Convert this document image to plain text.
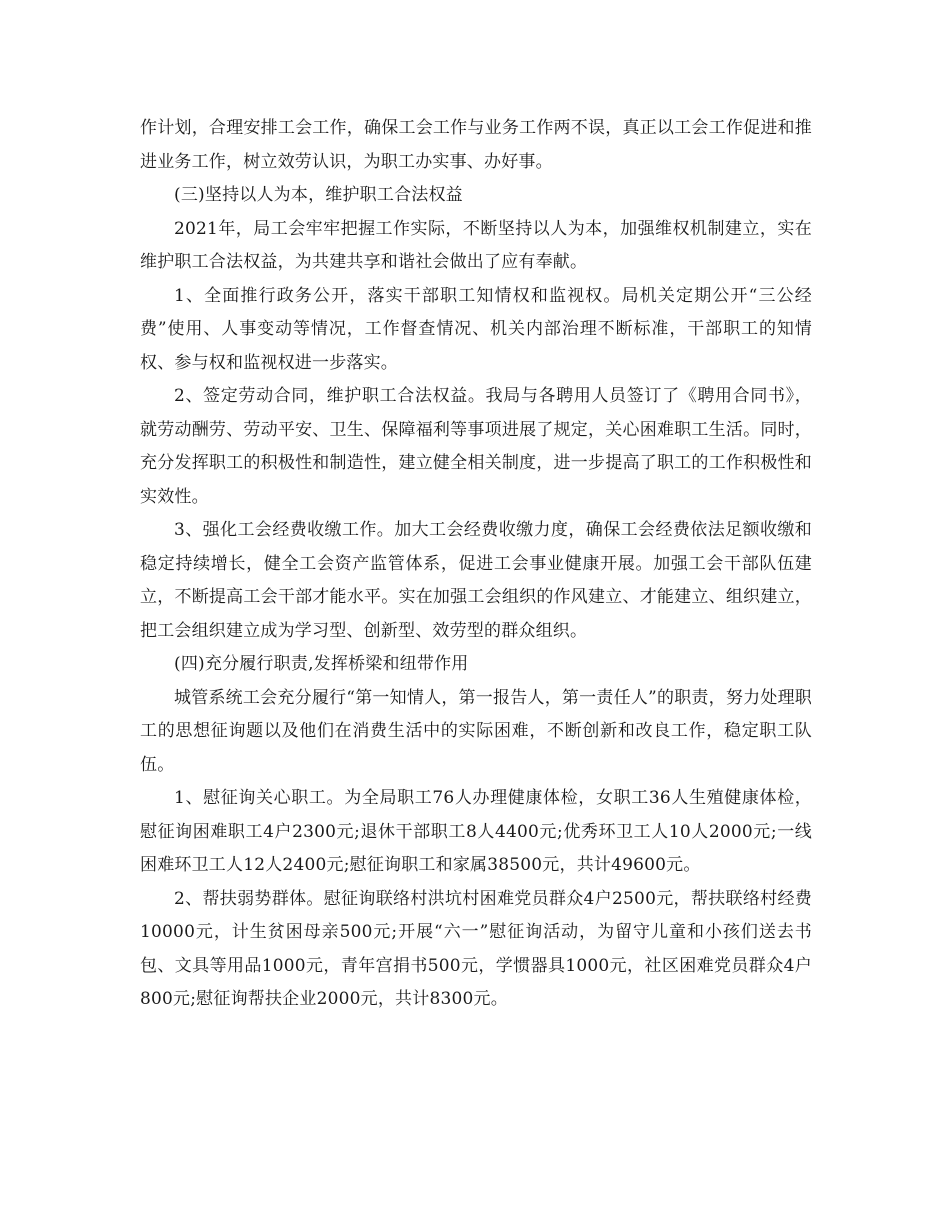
作计划，合理安排工会工作，确保工会工作与业务工作两不误，真正以工会工作促进和推进业务工作，树立效劳认识，为职工办实事、办好事。

(三)坚持以人为本，维护职工合法权益

2021年，局工会牢牢把握工作实际，不断坚持以人为本，加强维权机制建立，实在维护职工合法权益，为共建共享和谐社会做出了应有奉献。

1、全面推行政务公开，落实干部职工知情权和监视权。局机关定期公开“三公经费”使用、人事变动等情况，工作督查情况、机关内部治理不断标准，干部职工的知情权、参与权和监视权进一步落实。

2、签定劳动合同，维护职工合法权益。我局与各聘用人员签订了《聘用合同书》，就劳动酬劳、劳动平安、卫生、保障福利等事项进展了规定，关心困难职工生活。同时，充分发挥职工的积极性和制造性，建立健全相关制度，进一步提高了职工的工作积极性和实效性。

3、强化工会经费收缴工作。加大工会经费收缴力度，确保工会经费依法足额收缴和稳定持续增长，健全工会资产监管体系，促进工会事业健康开展。加强工会干部队伍建立，不断提高工会干部才能水平。实在加强工会组织的作风建立、才能建立、组织建立，把工会组织建立成为学习型、创新型、效劳型的群众组织。

(四)充分履行职责,发挥桥梁和纽带作用

城管系统工会充分履行“第一知情人，第一报告人，第一责任人”的职责，努力处理职工的思想征询题以及他们在消费生活中的实际困难，不断创新和改良工作，稳定职工队伍。

1、慰征询关心职工。为全局职工76人办理健康体检，女职工36人生殖健康体检，慰征询困难职工4户2300元;退休干部职工8人4400元;优秀环卫工人10人2000元;一线困难环卫工人12人2400元;慰征询职工和家属38500元，共计49600元。

2、帮扶弱势群体。慰征询联络村洪坑村困难党员群众4户2500元，帮扶联络村经费10000元，计生贫困母亲500元;开展“六一”慰征询活动，为留守儿童和小孩们送去书包、文具等用品1000元，青年宫捐书500元，学惯器具1000元，社区困难党员群众4户800元;慰征询帮扶企业2000元，共计8300元。
